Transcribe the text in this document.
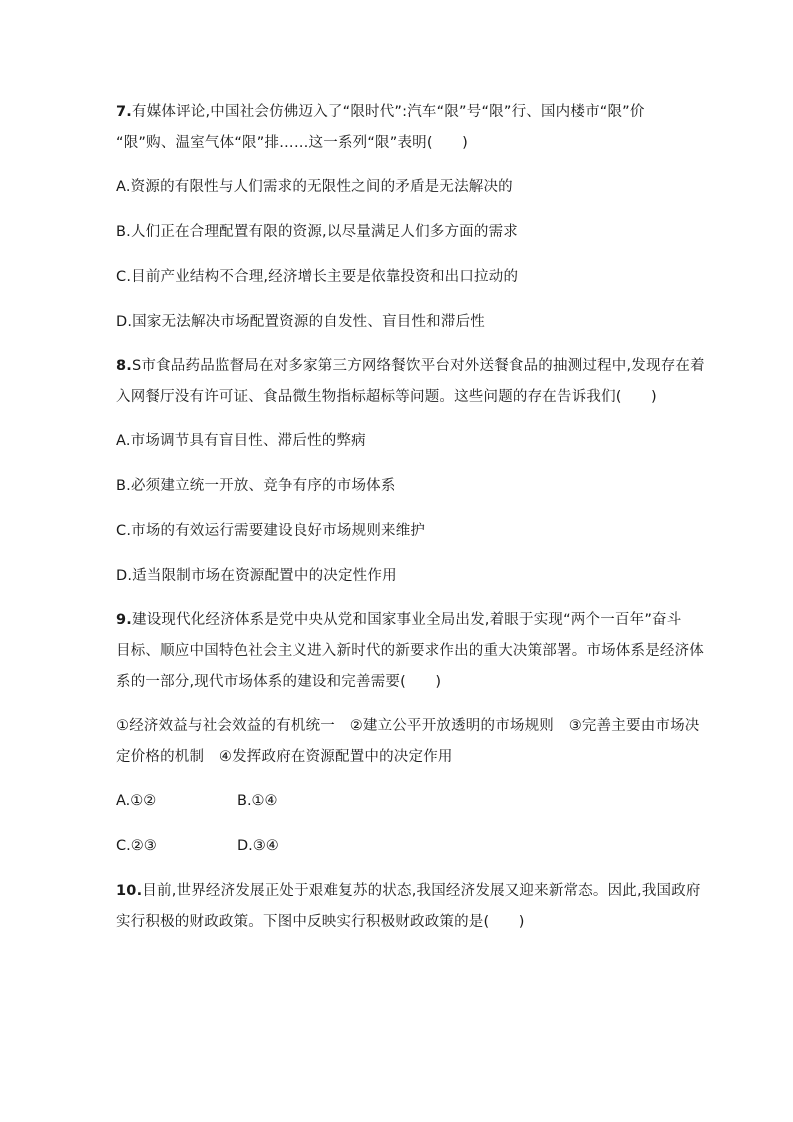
7.有媒体评论,中国社会仿佛迈入了“限时代”:汽车“限”号“限”行、国内楼市“限”价
“限”购、温室气体“限”排……这一系列“限”表明(　　)
A.资源的有限性与人们需求的无限性之间的矛盾是无法解决的
B.人们正在合理配置有限的资源,以尽量满足人们多方面的需求
C.目前产业结构不合理,经济增长主要是依靠投资和出口拉动的
D.国家无法解决市场配置资源的自发性、盲目性和滞后性
8.S市食品药品监督局在对多家第三方网络餐饮平台对外送餐食品的抽测过程中,发现存在着
入网餐厅没有许可证、食品微生物指标超标等问题。这些问题的存在告诉我们(　　)
A.市场调节具有盲目性、滞后性的弊病
B.必须建立统一开放、竞争有序的市场体系
C.市场的有效运行需要建设良好市场规则来维护
D.适当限制市场在资源配置中的决定性作用
9.建设现代化经济体系是党中央从党和国家事业全局出发,着眼于实现“两个一百年”奋斗
目标、顺应中国特色社会主义进入新时代的新要求作出的重大决策部署。市场体系是经济体
系的一部分,现代市场体系的建设和完善需要(　　)
①经济效益与社会效益的有机统一　②建立公平开放透明的市场规则　③完善主要由市场决
定价格的机制　④发挥政府在资源配置中的决定作用
A.①②	B.①④
C.②③	D.③④
10.目前,世界经济发展正处于艰难复苏的状态,我国经济发展又迎来新常态。因此,我国政府
实行积极的财政政策。下图中反映实行积极财政政策的是(　　)
